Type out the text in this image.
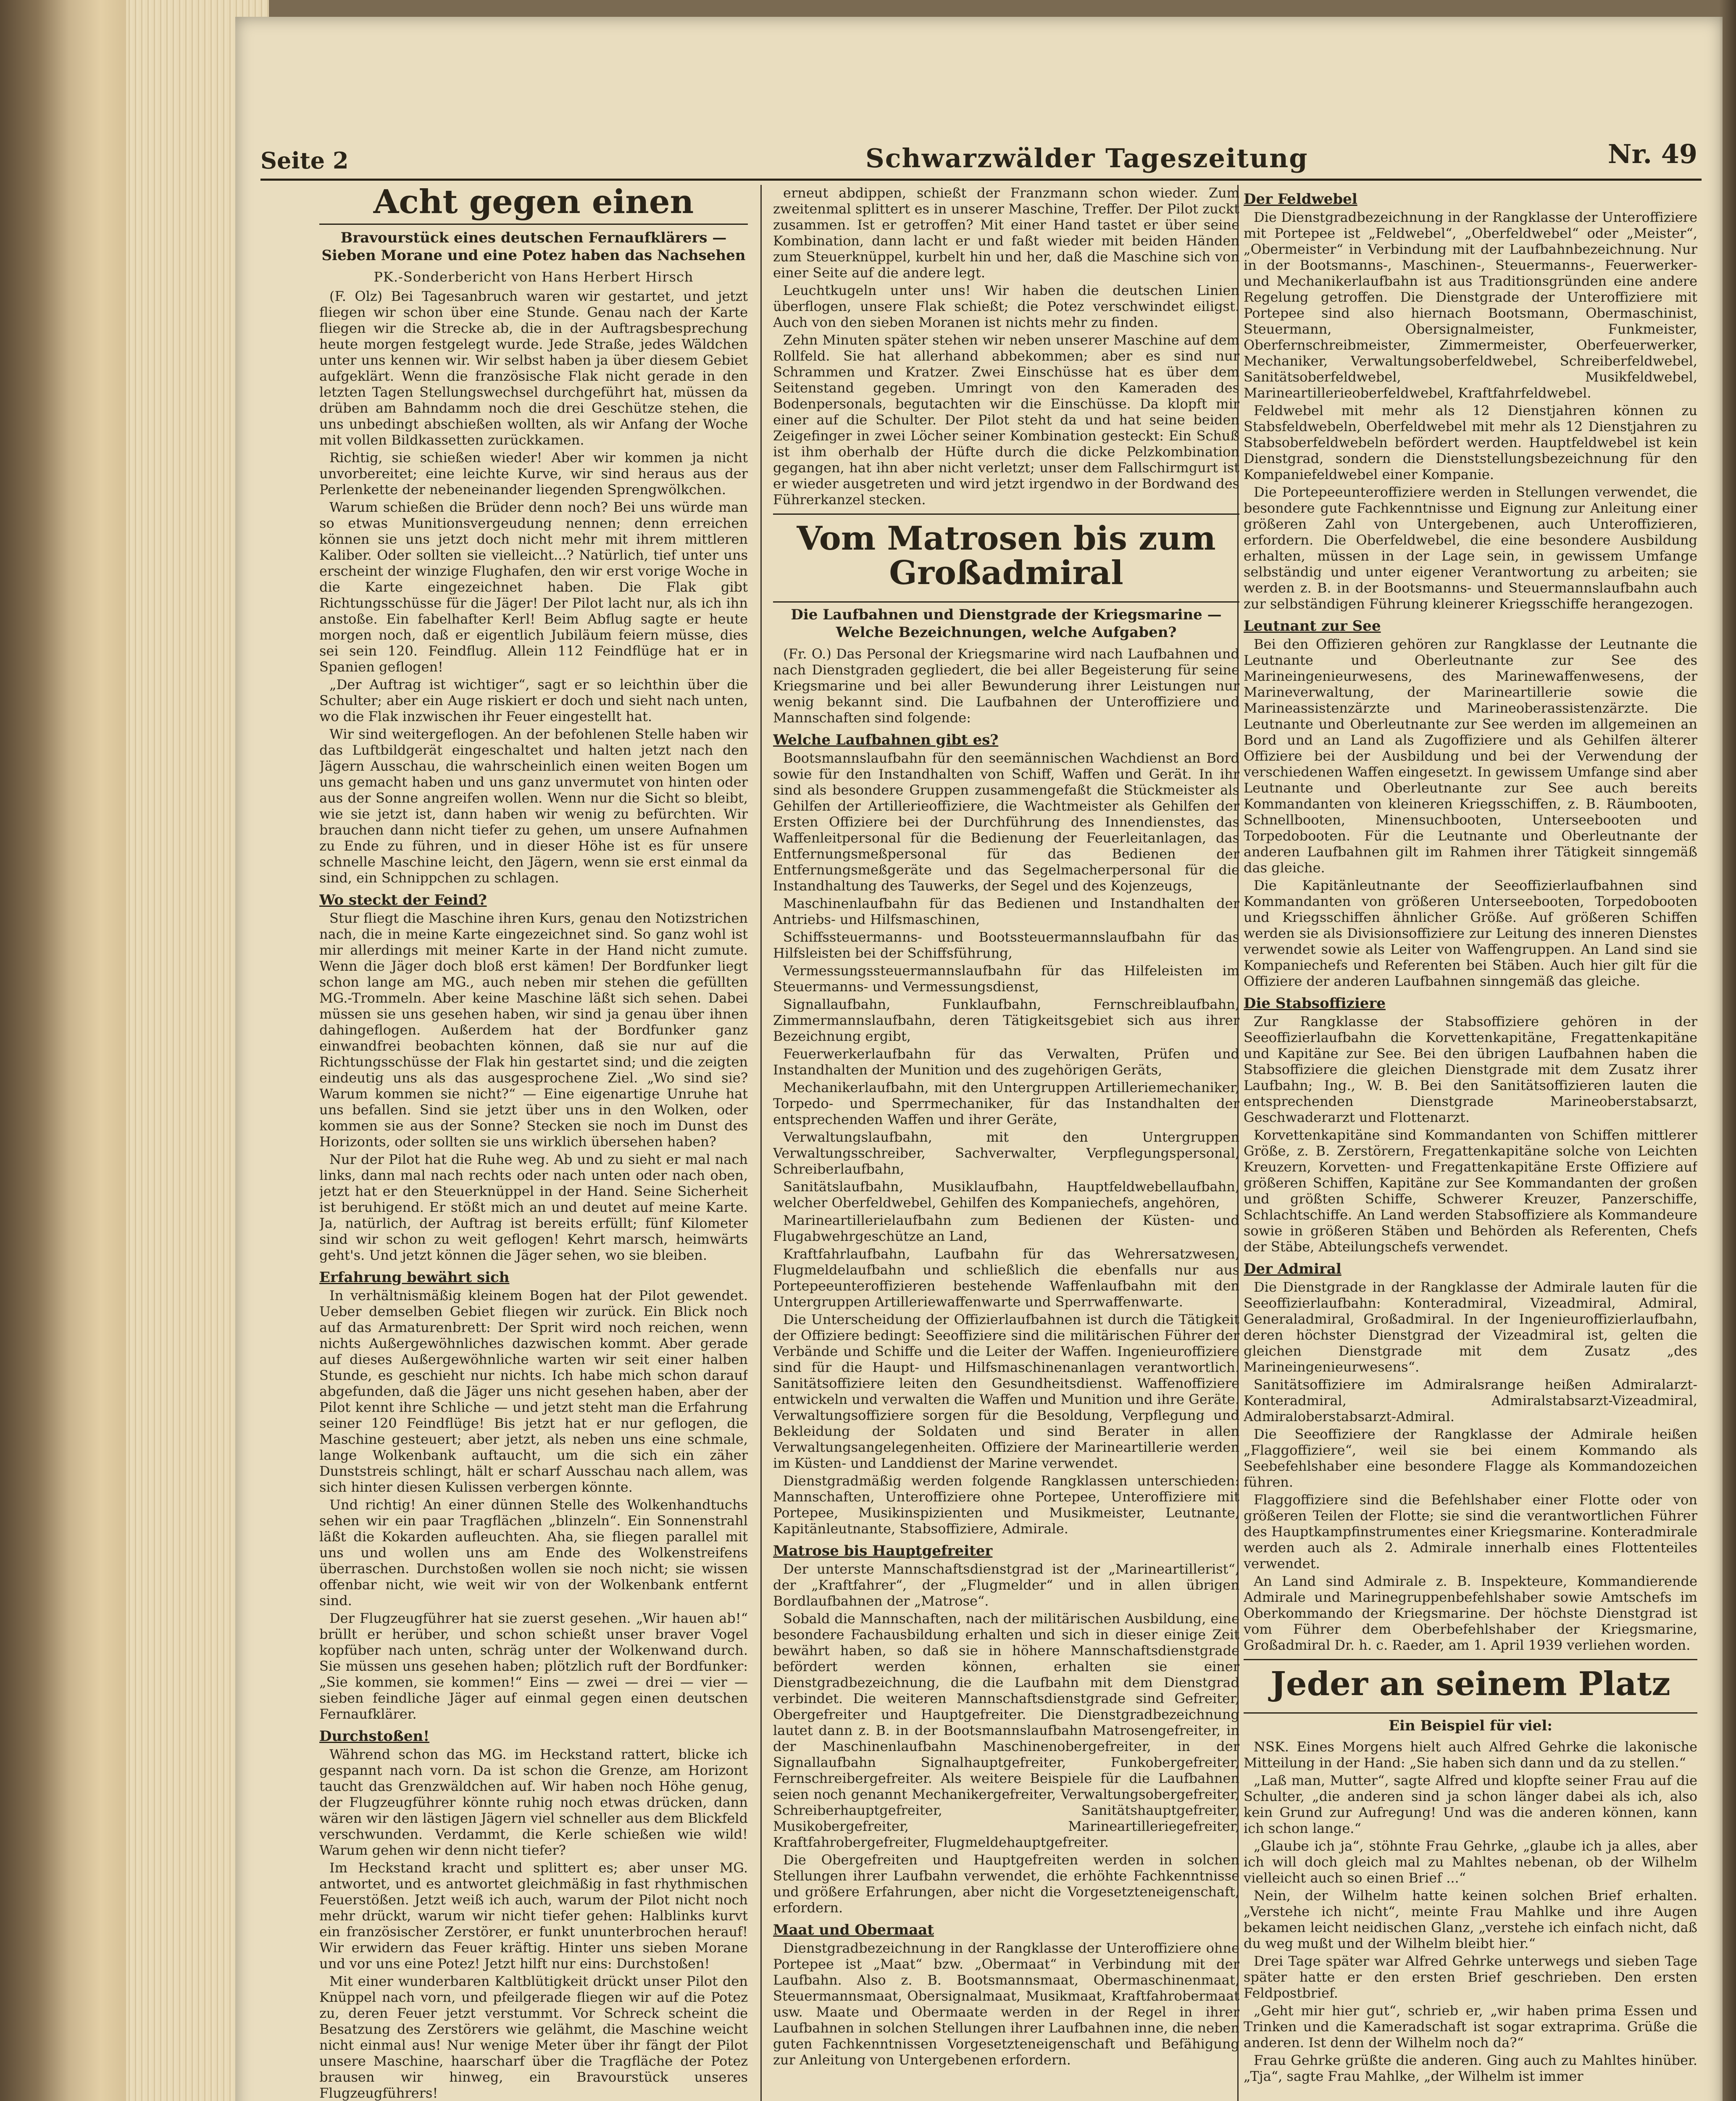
Seite 2	Schwarzwälder Tageszeitung	Nr. 49
Acht gegen einen
Bravourstück eines deutschen Fernaufklärers — Sieben Morane und eine Potez haben das Nachsehen
PK.-Sonderbericht von Hans Herbert Hirsch

(F. Olz) Bei Tagesanbruch waren wir gestartet, und jetzt fliegen wir schon über eine Stunde. Genau nach der Karte fliegen wir die Strecke ab, die in der Auftragsbesprechung heute morgen festgelegt wurde. Jede Straße, jedes Wäldchen unter uns kennen wir. Wir selbst haben ja über diesem Gebiet aufgeklärt. Wenn die französische Flak nicht gerade in den letzten Tagen Stellungswechsel durchgeführt hat, müssen da drüben am Bahndamm noch die drei Geschütze stehen, die uns unbedingt abschießen wollten, als wir Anfang der Woche mit vollen Bildkassetten zurückkamen.

Richtig, sie schießen wieder! Aber wir kommen ja nicht unvorbereitet; eine leichte Kurve, wir sind heraus aus der Perlenkette der nebeneinander liegenden Sprengwölkchen.

Warum schießen die Brüder denn noch? Bei uns würde man so etwas Munitionsvergeudung nennen; denn erreichen können sie uns jetzt doch nicht mehr mit ihrem mittleren Kaliber. Oder sollten sie vielleicht...? Natürlich, tief unter uns erscheint der winzige Flughafen, den wir erst vorige Woche in die Karte eingezeichnet haben. Die Flak gibt Richtungsschüsse für die Jäger! Der Pilot lacht nur, als ich ihn anstoße. Ein fabelhafter Kerl! Beim Abflug sagte er heute morgen noch, daß er eigentlich Jubiläum feiern müsse, dies sei sein 120. Feindflug. Allein 112 Feindflüge hat er in Spanien geflogen!

„Der Auftrag ist wichtiger“, sagt er so leichthin über die Schulter; aber ein Auge riskiert er doch und sieht nach unten, wo die Flak inzwischen ihr Feuer eingestellt hat.

Wir sind weitergeflogen. An der befohlenen Stelle haben wir das Luftbildgerät eingeschaltet und halten jetzt nach den Jägern Ausschau, die wahrscheinlich einen weiten Bogen um uns gemacht haben und uns ganz unvermutet von hinten oder aus der Sonne angreifen wollen. Wenn nur die Sicht so bleibt, wie sie jetzt ist, dann haben wir wenig zu befürchten. Wir brauchen dann nicht tiefer zu gehen, um unsere Aufnahmen zu Ende zu führen, und in dieser Höhe ist es für unsere schnelle Maschine leicht, den Jägern, wenn sie erst einmal da sind, ein Schnippchen zu schlagen.

Wo steckt der Feind?

Stur fliegt die Maschine ihren Kurs, genau den Notizstrichen nach, die in meine Karte eingezeichnet sind. So ganz wohl ist mir allerdings mit meiner Karte in der Hand nicht zumute. Wenn die Jäger doch bloß erst kämen! Der Bordfunker liegt schon lange am MG., auch neben mir stehen die gefüllten MG.-Trommeln. Aber keine Maschine läßt sich sehen. Dabei müssen sie uns gesehen haben, wir sind ja genau über ihnen dahingeflogen. Außerdem hat der Bordfunker ganz einwandfrei beobachten können, daß sie nur auf die Richtungsschüsse der Flak hin gestartet sind; und die zeigten eindeutig uns als das ausgesprochene Ziel. „Wo sind sie? Warum kommen sie nicht?“ — Eine eigenartige Unruhe hat uns befallen. Sind sie jetzt über uns in den Wolken, oder kommen sie aus der Sonne? Stecken sie noch im Dunst des Horizonts, oder sollten sie uns wirklich übersehen haben?

Nur der Pilot hat die Ruhe weg. Ab und zu sieht er mal nach links, dann mal nach rechts oder nach unten oder nach oben, jetzt hat er den Steuerknüppel in der Hand. Seine Sicherheit ist beruhigend. Er stößt mich an und deutet auf meine Karte. Ja, natürlich, der Auftrag ist bereits erfüllt; fünf Kilometer sind wir schon zu weit geflogen! Kehrt marsch, heimwärts geht's. Und jetzt können die Jäger sehen, wo sie bleiben.

Erfahrung bewährt sich

In verhältnismäßig kleinem Bogen hat der Pilot gewendet. Ueber demselben Gebiet fliegen wir zurück. Ein Blick noch auf das Armaturenbrett: Der Sprit wird noch reichen, wenn nichts Außergewöhnliches dazwischen kommt. Aber gerade auf dieses Außergewöhnliche warten wir seit einer halben Stunde, es geschieht nur nichts. Ich habe mich schon darauf abgefunden, daß die Jäger uns nicht gesehen haben, aber der Pilot kennt ihre Schliche — und jetzt steht man die Erfahrung seiner 120 Feindflüge! Bis jetzt hat er nur geflogen, die Maschine gesteuert; aber jetzt, als neben uns eine schmale, lange Wolkenbank auftaucht, um die sich ein zäher Dunststreis schlingt, hält er scharf Ausschau nach allem, was sich hinter diesen Kulissen verbergen könnte.

Und richtig! An einer dünnen Stelle des Wolkenhandtuchs sehen wir ein paar Tragflächen „blinzeln“. Ein Sonnenstrahl läßt die Kokarden aufleuchten. Aha, sie fliegen parallel mit uns und wollen uns am Ende des Wolkenstreifens überraschen. Durchstoßen wollen sie noch nicht; sie wissen offenbar nicht, wie weit wir von der Wolkenbank entfernt sind.

Der Flugzeugführer hat sie zuerst gesehen. „Wir hauen ab!“ brüllt er herüber, und schon schießt unser braver Vogel kopfüber nach unten, schräg unter der Wolkenwand durch. Sie müssen uns gesehen haben; plötzlich ruft der Bordfunker: „Sie kommen, sie kommen!“ Eins — zwei — drei — vier — sieben feindliche Jäger auf einmal gegen einen deutschen Fernaufklärer.

Durchstoßen!

Während schon das MG. im Heckstand rattert, blicke ich gespannt nach vorn. Da ist schon die Grenze, am Horizont taucht das Grenzwäldchen auf. Wir haben noch Höhe genug, der Flugzeugführer könnte ruhig noch etwas drücken, dann wären wir den lästigen Jägern viel schneller aus dem Blickfeld verschwunden. Verdammt, die Kerle schießen wie wild! Warum gehen wir denn nicht tiefer?

Im Heckstand kracht und splittert es; aber unser MG. antwortet, und es antwortet gleichmäßig in fast rhythmischen Feuerstößen. Jetzt weiß ich auch, warum der Pilot nicht noch mehr drückt, warum wir nicht tiefer gehen: Halblinks kurvt ein französischer Zerstörer, er funkt ununterbrochen herauf! Wir erwidern das Feuer kräftig. Hinter uns sieben Morane und vor uns eine Potez! Jetzt hilft nur eins: Durchstoßen!

Mit einer wunderbaren Kaltblütigkeit drückt unser Pilot den Knüppel nach vorn, und pfeilgerade fliegen wir auf die Potez zu, deren Feuer jetzt verstummt. Vor Schreck scheint die Besatzung des Zerstörers wie gelähmt, die Maschine weicht nicht einmal aus! Nur wenige Meter über ihr fängt der Pilot unsere Maschine, haarscharf über die Tragfläche der Potez brausen wir hinweg, ein Bravourstück unseres Flugzeugführers!

erneut abdippen, schießt der Franzmann schon wieder. Zum zweitenmal splittert es in unserer Maschine, Treffer. Der Pilot zuckt zusammen. Ist er getroffen? Mit einer Hand tastet er über seine Kombination, dann lacht er und faßt wieder mit beiden Händen zum Steuerknüppel, kurbelt hin und her, daß die Maschine sich von einer Seite auf die andere legt.

Leuchtkugeln unter uns! Wir haben die deutschen Linien überflogen, unsere Flak schießt; die Potez verschwindet eiligst. Auch von den sieben Moranen ist nichts mehr zu finden.

Zehn Minuten später stehen wir neben unserer Maschine auf dem Rollfeld. Sie hat allerhand abbekommen; aber es sind nur Schrammen und Kratzer. Zwei Einschüsse hat es über dem Seitenstand gegeben. Umringt von den Kameraden des Bodenpersonals, begutachten wir die Einschüsse. Da klopft mir einer auf die Schulter. Der Pilot steht da und hat seine beiden Zeigefinger in zwei Löcher seiner Kombination gesteckt: Ein Schuß ist ihm oberhalb der Hüfte durch die dicke Pelzkombination gegangen, hat ihn aber nicht verletzt; unser dem Fallschirmgurt ist er wieder ausgetreten und wird jetzt irgendwo in der Bordwand des Führerkanzel stecken.

Vom Matrosen bis zum Großadmiral
Die Laufbahnen und Dienstgrade der Kriegsmarine — Welche Bezeichnungen, welche Aufgaben?

(Fr. O.) Das Personal der Kriegsmarine wird nach Laufbahnen und nach Dienstgraden gegliedert, die bei aller Begeisterung für seine Kriegsmarine und bei aller Bewunderung ihrer Leistungen nur wenig bekannt sind. Die Laufbahnen der Unteroffiziere und Mannschaften sind folgende:

Welche Laufbahnen gibt es?

Bootsmannslaufbahn für den seemännischen Wachdienst an Bord sowie für den Instandhalten von Schiff, Waffen und Gerät. In ihr sind als besondere Gruppen zusammengefaßt die Stückmeister als Gehilfen der Artillerieoffiziere, die Wachtmeister als Gehilfen der Ersten Offiziere bei der Durchführung des Innendienstes, das Waffenleitpersonal für die Bedienung der Feuerleitanlagen, das Entfernungsmeßpersonal für das Bedienen der Entfernungsmeßgeräte und das Segelmacherpersonal für die Instandhaltung des Tauwerks, der Segel und des Kojenzeugs,

Maschinenlaufbahn für das Bedienen und Instandhalten der Antriebs- und Hilfsmaschinen,

Schiffssteuermanns- und Bootssteuermannslaufbahn für das Hilfsleisten bei der Schiffsführung,

Vermessungssteuermannslaufbahn für das Hilfeleisten im Steuermanns- und Vermessungsdienst,

Signallaufbahn, Funklaufbahn, Fernschreiblaufbahn, Zimmermannslaufbahn, deren Tätigkeitsgebiet sich aus ihrer Bezeichnung ergibt,

Feuerwerkerlaufbahn für das Verwalten, Prüfen und Instandhalten der Munition und des zugehörigen Geräts,

Mechanikerlaufbahn, mit den Untergruppen Artilleriemechaniker, Torpedo- und Sperrmechaniker, für das Instandhalten der entsprechenden Waffen und ihrer Geräte,

Verwaltungslaufbahn, mit den Untergruppen Verwaltungsschreiber, Sachverwalter, Verpflegungspersonal, Schreiberlaufbahn,

Sanitätslaufbahn, Musiklaufbahn, Hauptfeldwebellaufbahn, welcher Oberfeldwebel, Gehilfen des Kompaniechefs, angehören,

Marineartillerielaufbahn zum Bedienen der Küsten- und Flugabwehrgeschütze an Land,

Kraftfahrlaufbahn, Laufbahn für das Wehrersatzwesen, Flugmeldelaufbahn und schließlich die ebenfalls nur aus Portepeeunteroffizieren bestehende Waffenlaufbahn mit den Untergruppen Artilleriewaffenwarte und Sperrwaffenwarte.

Die Unterscheidung der Offizierlaufbahnen ist durch die Tätigkeit der Offiziere bedingt: Seeoffiziere sind die militärischen Führer der Verbände und Schiffe und die Leiter der Waffen. Ingenieuroffiziere sind für die Haupt- und Hilfsmaschinenanlagen verantwortlich. Sanitätsoffiziere leiten den Gesundheitsdienst. Waffenoffiziere entwickeln und verwalten die Waffen und Munition und ihre Geräte. Verwaltungsoffiziere sorgen für die Besoldung, Verpflegung und Bekleidung der Soldaten und sind Berater in allen Verwaltungsangelegenheiten. Offiziere der Marineartillerie werden im Küsten- und Landdienst der Marine verwendet.

Dienstgradmäßig werden folgende Rangklassen unterschieden: Mannschaften, Unteroffiziere ohne Portepee, Unteroffiziere mit Portepee, Musikinspizienten und Musikmeister, Leutnante, Kapitänleutnante, Stabsoffiziere, Admirale.

Matrose bis Hauptgefreiter

Der unterste Mannschaftsdienstgrad ist der „Marineartillerist“, der „Kraftfahrer“, der „Flugmelder“ und in allen übrigen Bordlaufbahnen der „Matrose“.

Sobald die Mannschaften, nach der militärischen Ausbildung, eine besondere Fachausbildung erhalten und sich in dieser einige Zeit bewährt haben, so daß sie in höhere Mannschaftsdienstgrade befördert werden können, erhalten sie einer Dienstgradbezeichnung, die die Laufbahn mit dem Dienstgrad verbindet. Die weiteren Mannschaftsdienstgrade sind Gefreiter, Obergefreiter und Hauptgefreiter. Die Dienstgradbezeichnung lautet dann z. B. in der Bootsmannslaufbahn Matrosengefreiter, in der Maschinenlaufbahn Maschinenobergefreiter, in der Signallaufbahn Signalhauptgefreiter, Funkobergefreiter, Fernschreibergefreiter. Als weitere Beispiele für die Laufbahnen seien noch genannt Mechanikergefreiter, Verwaltungsobergefreiter, Schreiberhauptgefreiter, Sanitätshauptgefreiter, Musikobergefreiter, Marineartilleriegefreiter, Kraftfahrobergefreiter, Flugmeldehauptgefreiter.

Die Obergefreiten und Hauptgefreiten werden in solchen Stellungen ihrer Laufbahn verwendet, die erhöhte Fachkenntnisse und größere Erfahrungen, aber nicht die Vorgesetzteneigenschaft, erfordern.

Maat und Obermaat

Dienstgradbezeichnung in der Rangklasse der Unteroffiziere ohne Portepee ist „Maat“ bzw. „Obermaat“ in Verbindung mit der Laufbahn. Also z. B. Bootsmannsmaat, Obermaschinenmaat, Steuermannsmaat, Obersignalmaat, Musikmaat, Kraftfahrobermaat usw. Maate und Obermaate werden in der Regel in ihrer Laufbahnen in solchen Stellungen ihrer Laufbahnen inne, die neben guten Fachkenntnissen Vorgesetzteneigenschaft und Befähigung zur Anleitung von Untergebenen erfordern.

Der Feldwebel

Die Dienstgradbezeichnung in der Rangklasse der Unteroffiziere mit Portepee ist „Feldwebel“, „Oberfeldwebel“ oder „Meister“, „Obermeister“ in Verbindung mit der Laufbahnbezeichnung. Nur in der Bootsmanns-, Maschinen-, Steuermanns-, Feuerwerker- und Mechanikerlaufbahn ist aus Traditionsgründen eine andere Regelung getroffen. Die Dienstgrade der Unteroffiziere mit Portepee sind also hiernach Bootsmann, Obermaschinist, Steuermann, Obersignalmeister, Funkmeister, Oberfernschreibmeister, Zimmermeister, Oberfeuerwerker, Mechaniker, Verwaltungsoberfeldwebel, Schreiberfeldwebel, Sanitätsoberfeldwebel, Musikfeldwebel, Marineartillerieoberfeldwebel, Kraftfahrfeldwebel.

Feldwebel mit mehr als 12 Dienstjahren können zu Stabsfeldwebeln, Oberfeldwebel mit mehr als 12 Dienstjahren zu Stabsoberfeldwebeln befördert werden. Hauptfeldwebel ist kein Dienstgrad, sondern die Dienststellungsbezeichnung für den Kompaniefeldwebel einer Kompanie.

Die Portepeeunteroffiziere werden in Stellungen verwendet, die besondere gute Fachkenntnisse und Eignung zur Anleitung einer größeren Zahl von Untergebenen, auch Unteroffizieren, erfordern. Die Oberfeldwebel, die eine besondere Ausbildung erhalten, müssen in der Lage sein, in gewissem Umfange selbständig und unter eigener Verantwortung zu arbeiten; sie werden z. B. in der Bootsmanns- und Steuermannslaufbahn auch zur selbständigen Führung kleinerer Kriegsschiffe herangezogen.

Leutnant zur See

Bei den Offizieren gehören zur Rangklasse der Leutnante die Leutnante und Oberleutnante zur See des Marineingenieurwesens, des Marinewaffenwesens, der Marineverwaltung, der Marineartillerie sowie die Marineassistenzärzte und Marineoberassistenzärzte. Die Leutnante und Oberleutnante zur See werden im allgemeinen an Bord und an Land als Zugoffiziere und als Gehilfen älterer Offiziere bei der Ausbildung und bei der Verwendung der verschiedenen Waffen eingesetzt. In gewissem Umfange sind aber Leutnante und Oberleutnante zur See auch bereits Kommandanten von kleineren Kriegsschiffen, z. B. Räumbooten, Schnellbooten, Minensuchbooten, Unterseebooten und Torpedobooten. Für die Leutnante und Oberleutnante der anderen Laufbahnen gilt im Rahmen ihrer Tätigkeit sinngemäß das gleiche.

Die Kapitänleutnante der Seeoffizierlaufbahnen sind Kommandanten von größeren Unterseebooten, Torpedobooten und Kriegsschiffen ähnlicher Größe. Auf größeren Schiffen werden sie als Divisionsoffiziere zur Leitung des inneren Dienstes verwendet sowie als Leiter von Waffengruppen. An Land sind sie Kompaniechefs und Referenten bei Stäben. Auch hier gilt für die Offiziere der anderen Laufbahnen sinngemäß das gleiche.

Die Stabsoffiziere

Zur Rangklasse der Stabsoffiziere gehören in der Seeoffizierlaufbahn die Korvettenkapitäne, Fregattenkapitäne und Kapitäne zur See. Bei den übrigen Laufbahnen haben die Stabsoffiziere die gleichen Dienstgrade mit dem Zusatz ihrer Laufbahn; Ing., W. B. Bei den Sanitätsoffizieren lauten die entsprechenden Dienstgrade Marineoberstabsarzt, Geschwaderarzt und Flottenarzt.

Korvettenkapitäne sind Kommandanten von Schiffen mittlerer Größe, z. B. Zerstörern, Fregattenkapitäne solche von Leichten Kreuzern, Korvetten- und Fregattenkapitäne Erste Offiziere auf größeren Schiffen, Kapitäne zur See Kommandanten der großen und größten Schiffe, Schwerer Kreuzer, Panzerschiffe, Schlachtschiffe. An Land werden Stabsoffiziere als Kommandeure sowie in größeren Stäben und Behörden als Referenten, Chefs der Stäbe, Abteilungschefs verwendet.

Der Admiral

Die Dienstgrade in der Rangklasse der Admirale lauten für die Seeoffizierlaufbahn: Konteradmiral, Vizeadmiral, Admiral, Generaladmiral, Großadmiral. In der Ingenieuroffizierlaufbahn, deren höchster Dienstgrad der Vizeadmiral ist, gelten die gleichen Dienstgrade mit dem Zusatz „des Marineingenieurwesens“.

Sanitätsoffiziere im Admiralsrange heißen Admiralarzt-Konteradmiral, Admiralstabsarzt-Vizeadmiral, Admiraloberstabsarzt-Admiral.

Die Seeoffiziere der Rangklasse der Admirale heißen „Flaggoffiziere“, weil sie bei einem Kommando als Seebefehlshaber eine besondere Flagge als Kommandozeichen führen.

Flaggoffiziere sind die Befehlshaber einer Flotte oder von größeren Teilen der Flotte; sie sind die verantwortlichen Führer des Hauptkampfinstrumentes einer Kriegsmarine. Konteradmirale werden auch als 2. Admirale innerhalb eines Flottenteiles verwendet.

An Land sind Admirale z. B. Inspekteure, Kommandierende Admirale und Marinegruppenbefehlshaber sowie Amtschefs im Oberkommando der Kriegsmarine. Der höchste Dienstgrad ist vom Führer dem Oberbefehlshaber der Kriegsmarine, Großadmiral Dr. h. c. Raeder, am 1. April 1939 verliehen worden.

Jeder an seinem Platz
Ein Beispiel für viel:

NSK. Eines Morgens hielt auch Alfred Gehrke die lakonische Mitteilung in der Hand: „Sie haben sich dann und da zu stellen.“

„Laß man, Mutter“, sagte Alfred und klopfte seiner Frau auf die Schulter, „die anderen sind ja schon länger dabei als ich, also kein Grund zur Aufregung! Und was die anderen können, kann ich schon lange.“

„Glaube ich ja“, stöhnte Frau Gehrke, „glaube ich ja alles, aber ich will doch gleich mal zu Mahltes nebenan, ob der Wilhelm vielleicht auch so einen Brief ...“

Nein, der Wilhelm hatte keinen solchen Brief erhalten. „Verstehe ich nicht“, meinte Frau Mahlke und ihre Augen bekamen leicht neidischen Glanz, „verstehe ich einfach nicht, daß du weg mußt und der Wilhelm bleibt hier.“

Drei Tage später war Alfred Gehrke unterwegs und sieben Tage später hatte er den ersten Brief geschrieben. Den ersten Feldpostbrief.

„Geht mir hier gut“, schrieb er, „wir haben prima Essen und Trinken und die Kameradschaft ist sogar extraprima. Grüße die anderen. Ist denn der Wilhelm noch da?“

Frau Gehrke grüßte die anderen. Ging auch zu Mahltes hinüber. „Tja“, sagte Frau Mahlke, „der Wilhelm ist immer
